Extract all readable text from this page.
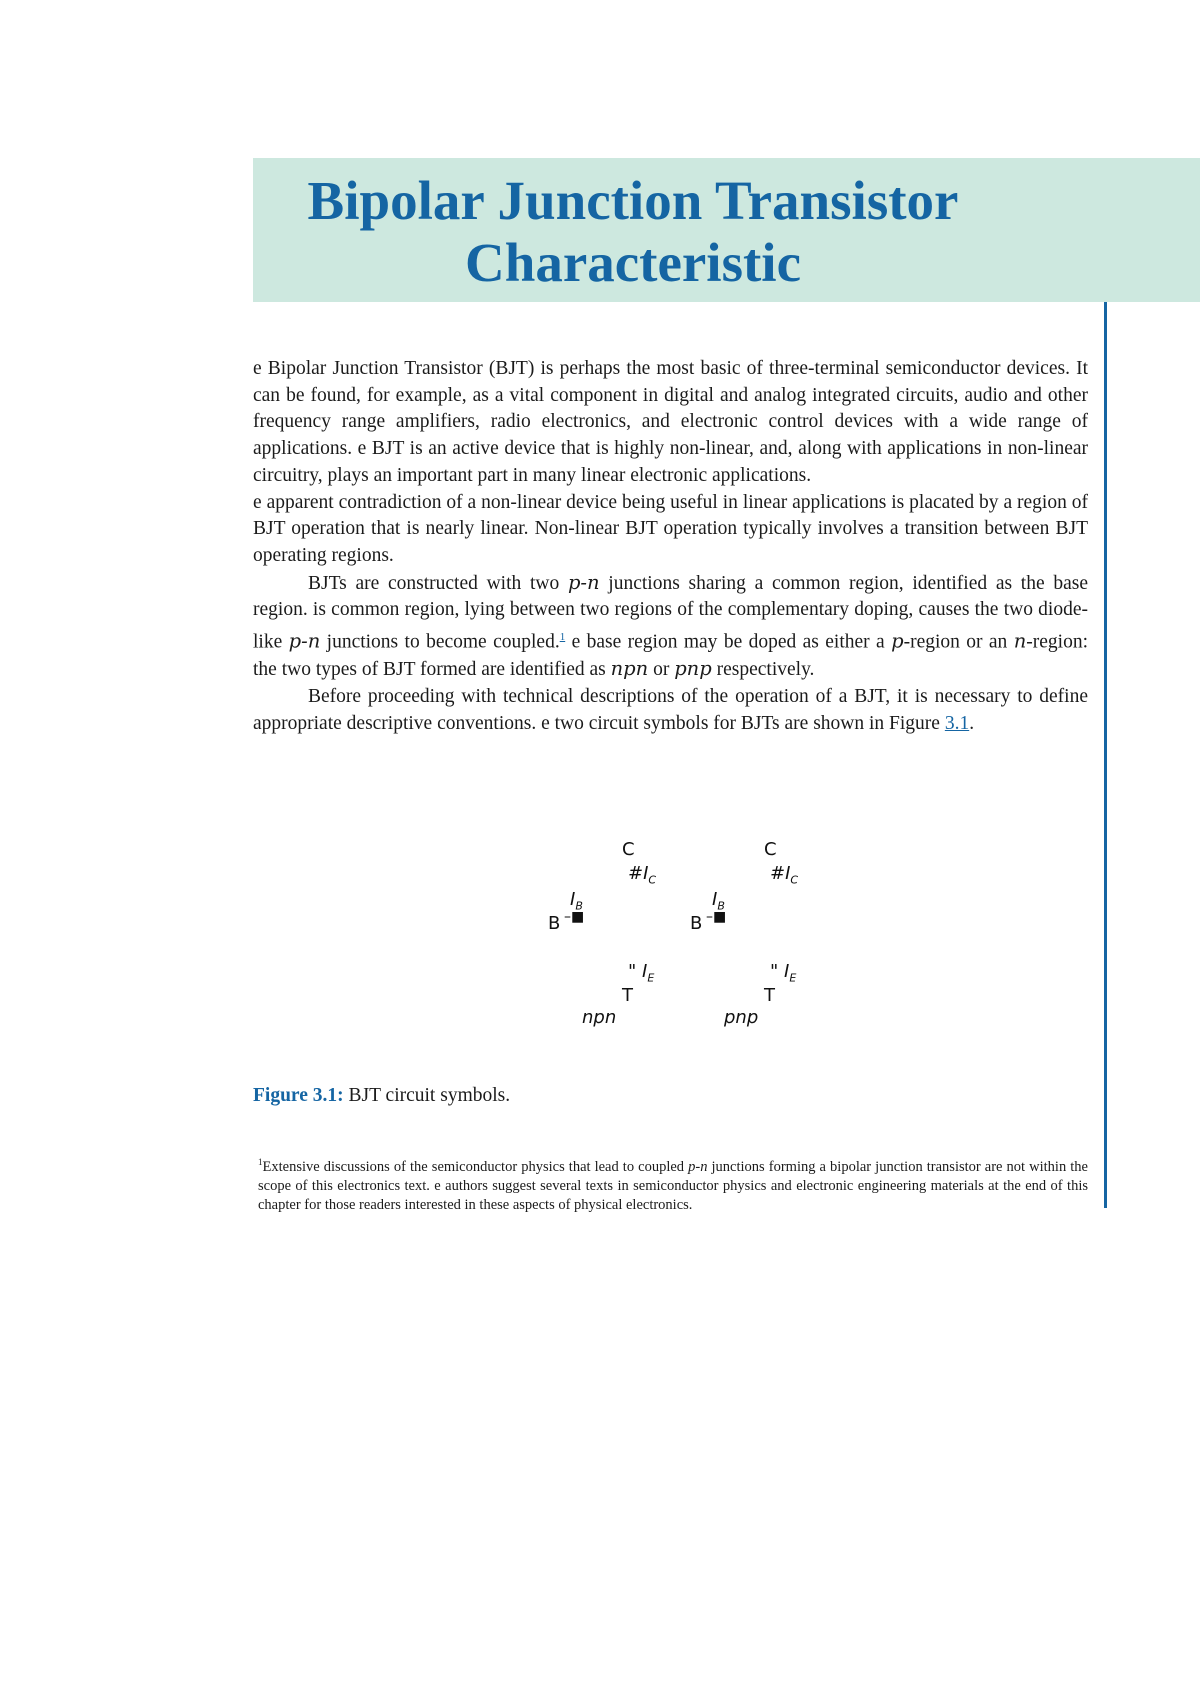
Bipolar Junction Transistor
Characteristic

e Bipolar Junction Transistor (BJT) is perhaps the most basic of three-terminal semiconductor devices. It can be found, for example, as a vital component in digital and analog integrated circuits, audio and other frequency range amplifiers, radio electronics, and electronic control devices with a wide range of applications. e BJT is an active device that is highly non-linear, and, along with applications in non-linear circuitry, plays an important part in many linear electronic applications.

e apparent contradiction of a non-linear device being useful in linear applications is placated by a region of BJT operation that is nearly linear. Non-linear BJT operation typically involves a transition between BJT operating regions.

BJTs are constructed with two p-n junctions sharing a common region, identified as the base region. is common region, lying between two regions of the complementary doping, causes the two diode-like p-n junctions to become coupled.$^1$ e base region may be doped as either a p-region or an n-region: the two types of BJT formed are identified as npn or pnp respectively.

Before proceeding with technical descriptions of the operation of a BJT, it is necessary to define appropriate descriptive conventions. e two circuit symbols for BJTs are shown in Figure 3.1.

C
$\#I_C$
$I_B$
–■
B
" $I_E$
T
npn
C
$\#I_C$
$I_B$
–■
B
" $I_E$
T
pnp
Figure 3.1: BJT circuit symbols.
$^1$Extensive discussions of the semiconductor physics that lead to coupled p-n junctions forming a bipolar junction transistor are not within the scope of this electronics text. e authors suggest several texts in semiconductor physics and electronic engineering materials at the end of this chapter for those readers interested in these aspects of physical electronics.
